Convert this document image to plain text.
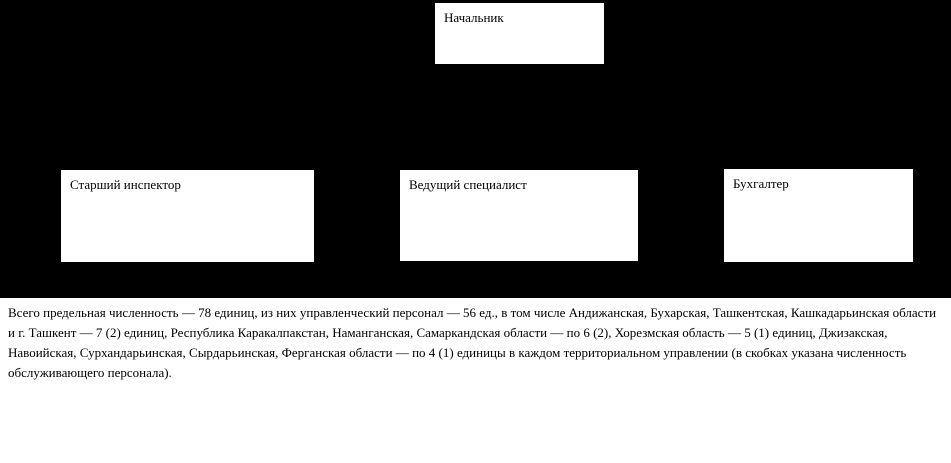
Начальник
Старший инспектор	Ведущий специалист	Бухгалтер
Всего предельная численность — 78 единиц, из них управленческий персонал — 56 ед., в том числе Андижанская, Бухарская, Ташкентская, Кашкадарьинская области
и г. Ташкент — 7 (2) единиц, Республика Каракалпакстан, Наманганская, Самаркандская области — по 6 (2), Хорезмская область — 5 (1) единиц, Джизакская,
Навоийская, Сурхандарьинская, Сырдарьинская, Ферганская области — по 4 (1) единицы в каждом территориальном управлении (в скобках указана численность
обслуживающего персонала).
